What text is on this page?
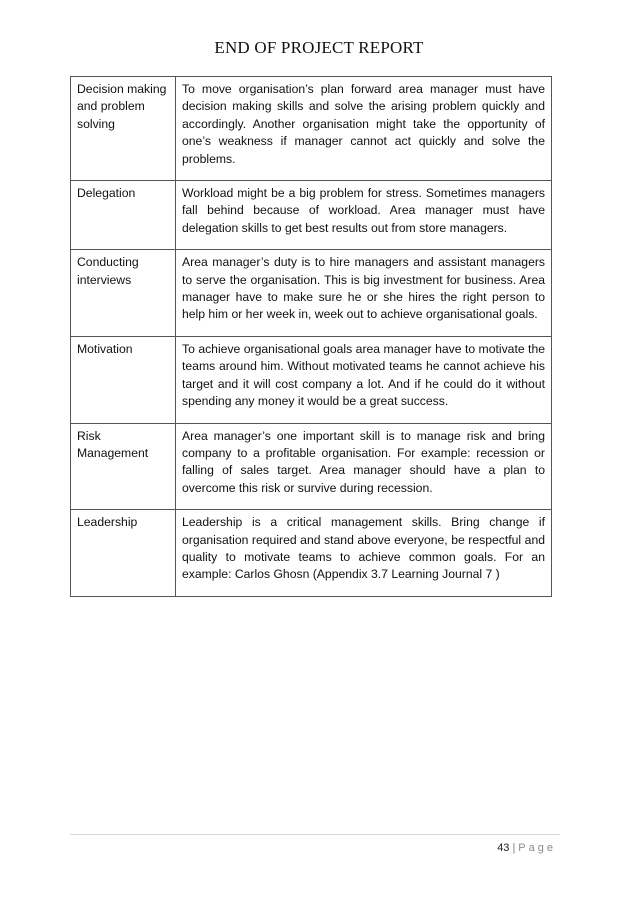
END OF PROJECT REPORT
Decision making and problem solving	To move organisation’s plan forward area manager must have decision making skills and solve the arising problem quickly and accordingly. Another organisation might take the opportunity of one’s weakness if manager cannot act quickly and solve the problems.
Delegation	Workload might be a big problem for stress. Sometimes managers fall behind because of workload. Area manager must have delegation skills to get best results out from store managers.
Conducting interviews	Area manager’s duty is to hire managers and assistant managers to serve the organisation. This is big investment for business. Area manager have to make sure he or she hires the right person to help him or her week in, week out to achieve organisational goals.
Motivation	To achieve organisational goals area manager have to motivate the teams around him. Without motivated teams he cannot achieve his target and it will cost company a lot. And if he could do it without spending any money it would be a great success.
Risk Management	Area manager’s one important skill is to manage risk and bring company to a profitable organisation. For example: recession or falling of sales target. Area manager should have a plan to overcome this risk or survive during recession.
Leadership	Leadership is a critical management skills. Bring change if organisation required and stand above everyone, be respectful and quality to motivate teams to achieve common goals. For an example: Carlos Ghosn (Appendix 3.7 Learning Journal 7 )
43 | Page
